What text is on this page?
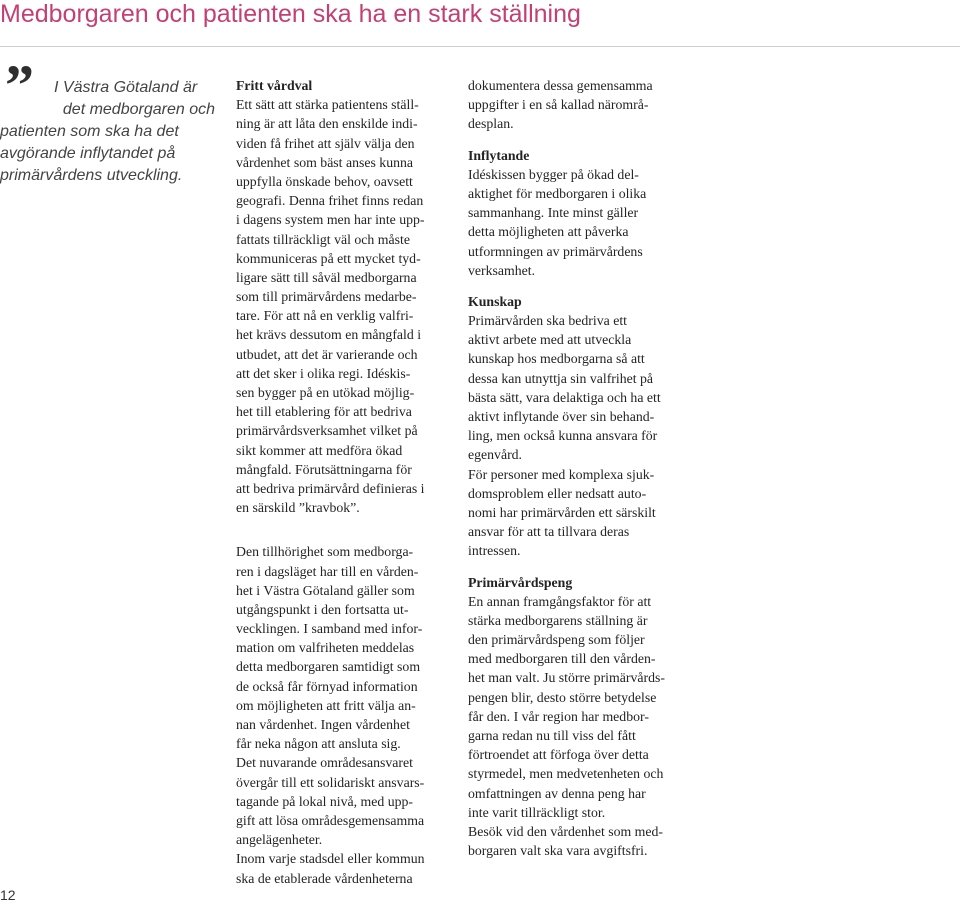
Medborgaren och patienten ska ha en stark ställning
”	I Västra Götaland är
det medborgaren och
patienten som ska ha det
avgörande inflytandet på
primärvårdens utveckling.
Fritt vårdval
Ett sätt att stärka patientens ställ-
ning är att låta den enskilde indi-
viden få frihet att själv välja den
vårdenhet som bäst anses kunna
uppfylla önskade behov, oavsett
geografi. Denna frihet finns redan
i dagens system men har inte upp-
fattats tillräckligt väl och måste
kommuniceras på ett mycket tyd-
ligare sätt till såväl medborgarna
som till primärvårdens medarbe-
tare. För att nå en verklig valfri-
het krävs dessutom en mångfald i
utbudet, att det är varierande och
att det sker i olika regi. Idéskis-
sen bygger på en utökad möjlig-
het till etablering för att bedriva
primärvårdsverksamhet vilket på
sikt kommer att medföra ökad
mångfald. Förutsättningarna för
att bedriva primärvård definieras i
en särskild ”kravbok”.
Den tillhörighet som medborga-
ren i dagsläget har till en vården-
het i Västra Götaland gäller som
utgångspunkt i den fortsatta ut-
vecklingen. I samband med infor-
mation om valfriheten meddelas
detta medborgaren samtidigt som
de också får förnyad information
om möjligheten att fritt välja an-
nan vårdenhet. Ingen vårdenhet
får neka någon att ansluta sig.
Det nuvarande områdesansvaret
övergår till ett solidariskt ansvars-
tagande på lokal nivå, med upp-
gift att lösa områdesgemensamma
angelägenheter.
Inom varje stadsdel eller kommun
ska de etablerade vårdenheterna
dokumentera dessa gemensamma
uppgifter i en så kallad närområ-
desplan.
Inflytande
Idéskissen bygger på ökad del-
aktighet för medborgaren i olika
sammanhang. Inte minst gäller
detta möjligheten att påverka
utformningen av primärvårdens
verksamhet.
Kunskap
Primärvården ska bedriva ett
aktivt arbete med att utveckla
kunskap hos medborgarna så att
dessa kan utnyttja sin valfrihet på
bästa sätt, vara delaktiga och ha ett
aktivt inflytande över sin behand-
ling, men också kunna ansvara för
egenvård.
För personer med komplexa sjuk-
domsproblem eller nedsatt auto-
nomi har primärvården ett särskilt
ansvar för att ta tillvara deras
intressen.
Primärvårdspeng
En annan framgångsfaktor för att
stärka medborgarens ställning är
den primärvårdspeng som följer
med medborgaren till den vården-
het man valt. Ju större primärvårds-
pengen blir, desto större betydelse
får den. I vår region har medbor-
garna redan nu till viss del fått
förtroendet att förfoga över detta
styrmedel, men medvetenheten och
omfattningen av denna peng har
inte varit tillräckligt stor.
Besök vid den vårdenhet som med-
borgaren valt ska vara avgiftsfri.
12
